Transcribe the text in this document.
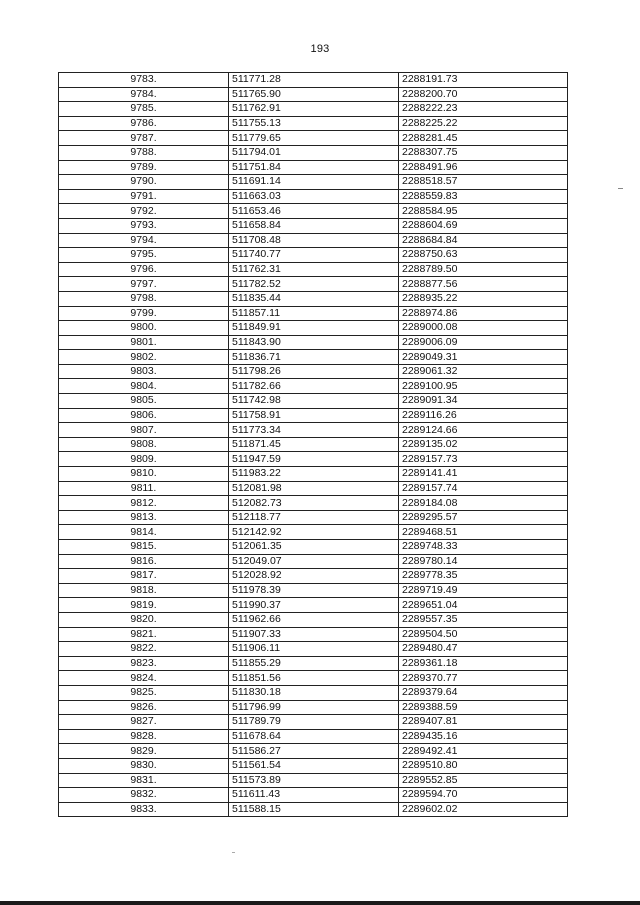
193
9783.	511771.28	2288191.73
9784.	511765.90	2288200.70
9785.	511762.91	2288222.23
9786.	511755.13	2288225.22
9787.	511779.65	2288281.45
9788.	511794.01	2288307.75
9789.	511751.84	2288491.96
9790.	511691.14	2288518.57
9791.	511663.03	2288559.83
9792.	511653.46	2288584.95
9793.	511658.84	2288604.69
9794.	511708.48	2288684.84
9795.	511740.77	2288750.63
9796.	511762.31	2288789.50
9797.	511782.52	2288877.56
9798.	511835.44	2288935.22
9799.	511857.11	2288974.86
9800.	511849.91	2289000.08
9801.	511843.90	2289006.09
9802.	511836.71	2289049.31
9803.	511798.26	2289061.32
9804.	511782.66	2289100.95
9805.	511742.98	2289091.34
9806.	511758.91	2289116.26
9807.	511773.34	2289124.66
9808.	511871.45	2289135.02
9809.	511947.59	2289157.73
9810.	511983.22	2289141.41
9811.	512081.98	2289157.74
9812.	512082.73	2289184.08
9813.	512118.77	2289295.57
9814.	512142.92	2289468.51
9815.	512061.35	2289748.33
9816.	512049.07	2289780.14
9817.	512028.92	2289778.35
9818.	511978.39	2289719.49
9819.	511990.37	2289651.04
9820.	511962.66	2289557.35
9821.	511907.33	2289504.50
9822.	511906.11	2289480.47
9823.	511855.29	2289361.18
9824.	511851.56	2289370.77
9825.	511830.18	2289379.64
9826.	511796.99	2289388.59
9827.	511789.79	2289407.81
9828.	511678.64	2289435.16
9829.	511586.27	2289492.41
9830.	511561.54	2289510.80
9831.	511573.89	2289552.85
9832.	511611.43	2289594.70
9833.	511588.15	2289602.02
